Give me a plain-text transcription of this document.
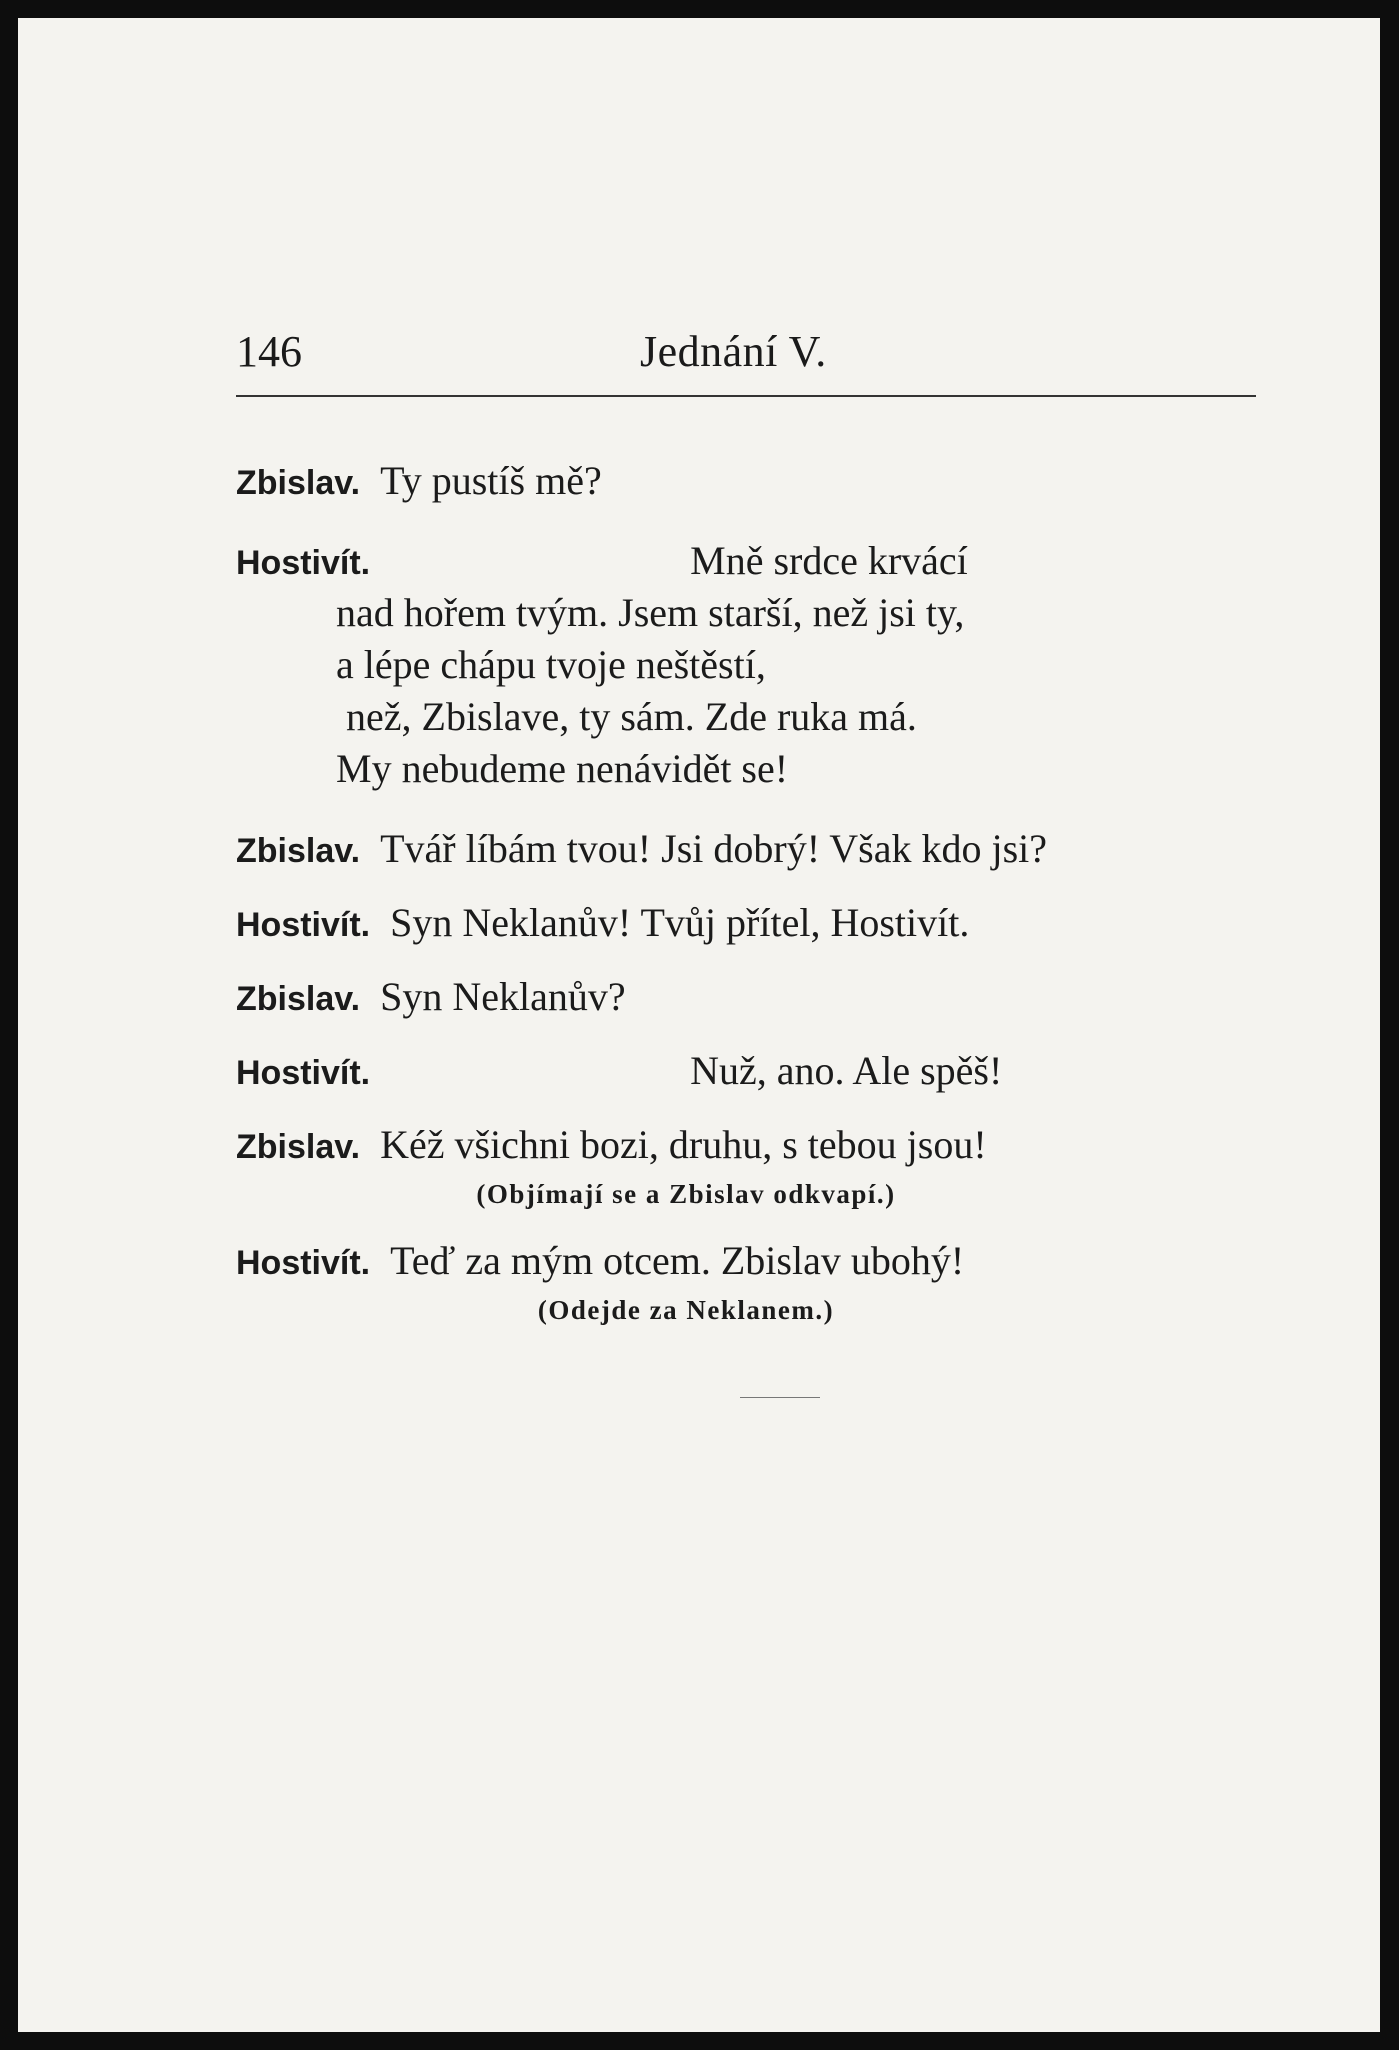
146	Jednání V.
Zbislav. Ty pustíš mě?
Hostivít.	Mně srdce krvácí
nad hořem tvým. Jsem starší, než jsi ty,
a lépe chápu tvoje neštěstí,
než, Zbislave, ty sám. Zde ruka má.
My nebudeme nenávidět se!
Zbislav. Tvář líbám tvou! Jsi dobrý! Však kdo jsi?
Hostivít. Syn Neklanův! Tvůj přítel, Hostivít.
Zbislav. Syn Neklanův?
Hostivít.	Nuž, ano. Ale spěš!
Zbislav. Kéž všichni bozi, druhu, s tebou jsou!
(Objímají se a Zbislav odkvapí.)
Hostivít. Teď za mým otcem. Zbislav ubohý!
(Odejde za Neklanem.)
